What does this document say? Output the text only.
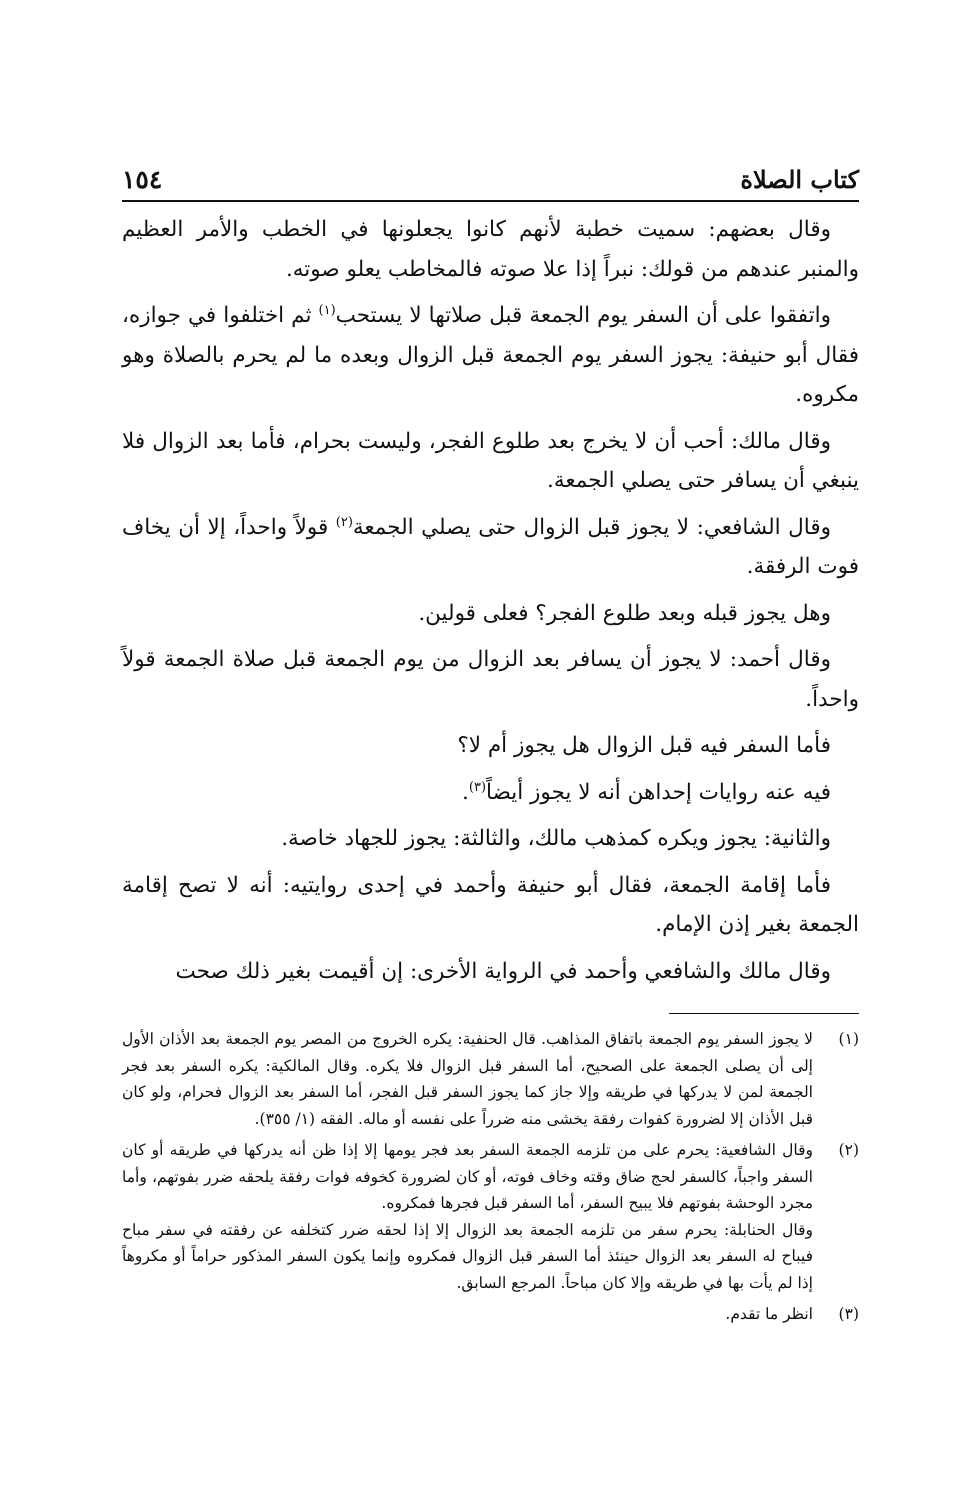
كتاب الصلاة
١٥٤

وقال بعضهم: سميت خطبة لأنهم كانوا يجعلونها في الخطب والأمر العظيم والمنبر عندهم من قولك: نبراً إذا علا صوته فالمخاطب يعلو صوته.

واتفقوا على أن السفر يوم الجمعة قبل صلاتها لا يستحب$^{(١)}$ ثم اختلفوا في جوازه، فقال أبو حنيفة: يجوز السفر يوم الجمعة قبل الزوال وبعده ما لم يحرم بالصلاة وهو مكروه.

وقال مالك: أحب أن لا يخرج بعد طلوع الفجر، وليست بحرام، فأما بعد الزوال فلا ينبغي أن يسافر حتى يصلي الجمعة.

وقال الشافعي: لا يجوز قبل الزوال حتى يصلي الجمعة$^{(٢)}$ قولاً واحداً، إلا أن يخاف فوت الرفقة.

وهل يجوز قبله وبعد طلوع الفجر؟ فعلى قولين.

وقال أحمد: لا يجوز أن يسافر بعد الزوال من يوم الجمعة قبل صلاة الجمعة قولاً واحداً.

فأما السفر فيه قبل الزوال هل يجوز أم لا؟

فيه عنه روايات إحداهن أنه لا يجوز أيضاً$^{(٣)}$.

والثانية: يجوز ويكره كمذهب مالك، والثالثة: يجوز للجهاد خاصة.

فأما إقامة الجمعة، فقال أبو حنيفة وأحمد في إحدى روايتيه: أنه لا تصح إقامة الجمعة بغير إذن الإمام.

وقال مالك والشافعي وأحمد في الرواية الأخرى: إن أقيمت بغير ذلك صحت

(١)

لا يجوز السفر يوم الجمعة باتفاق المذاهب. قال الحنفية: يكره الخروج من المصر يوم الجمعة بعد الأذان الأول إلى أن يصلى الجمعة على الصحيح، أما السفر قبل الزوال فلا يكره. وقال المالكية: يكره السفر بعد فجر الجمعة لمن لا يدركها في طريقه وإلا جاز كما يجوز السفر قبل الفجر، أما السفر بعد الزوال فحرام، ولو كان قبل الأذان إلا لضرورة كفوات رفقة يخشى منه ضرراً على نفسه أو ماله. الفقه (١/ ٣٥٥).

(٢)

وقال الشافعية: يحرم على من تلزمه الجمعة السفر بعد فجر يومها إلا إذا ظن أنه يدركها في طريقه أو كان السفر واجباً، كالسفر لحج ضاق وقته وخاف فوته، أو كان لضرورة كخوفه فوات رفقة يلحقه ضرر بفوتهم، وأما مجرد الوحشة بفوتهم فلا يبيح السفر، أما السفر قبل فجرها فمكروه.

وقال الحنابلة: يحرم سفر من تلزمه الجمعة بعد الزوال إلا إذا لحقه ضرر كتخلفه عن رفقته في سفر مباح فيباح له السفر بعد الزوال حينئذ أما السفر قبل الزوال فمكروه وإنما يكون السفر المذكور حراماً أو مكروهاً إذا لم يأت بها في طريقه وإلا كان مباحاً. المرجع السابق.

(٣)

انظر ما تقدم.
